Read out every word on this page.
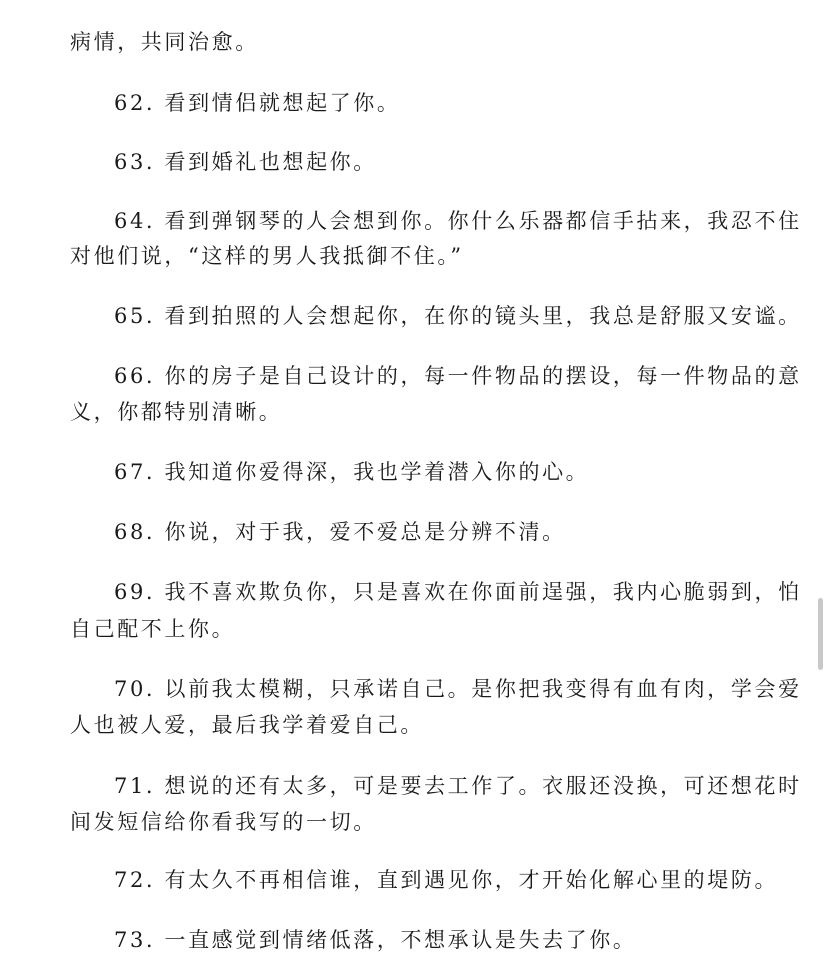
病情，共同治愈。
62. 看到情侣就想起了你。
63. 看到婚礼也想起你。
64. 看到弹钢琴的人会想到你。你什么乐器都信手拈来，我忍不住
对他们说，“这样的男人我抵御不住。”
65. 看到拍照的人会想起你，在你的镜头里，我总是舒服又安谧。
66. 你的房子是自己设计的，每一件物品的摆设，每一件物品的意
义，你都特别清晰。
67. 我知道你爱得深，我也学着潜入你的心。
68. 你说，对于我，爱不爱总是分辨不清。
69. 我不喜欢欺负你，只是喜欢在你面前逞强，我内心脆弱到，怕
自己配不上你。
70. 以前我太模糊，只承诺自己。是你把我变得有血有肉，学会爱
人也被人爱，最后我学着爱自己。
71. 想说的还有太多，可是要去工作了。衣服还没换，可还想花时
间发短信给你看我写的一切。
72. 有太久不再相信谁，直到遇见你，才开始化解心里的堤防。
73. 一直感觉到情绪低落，不想承认是失去了你。
